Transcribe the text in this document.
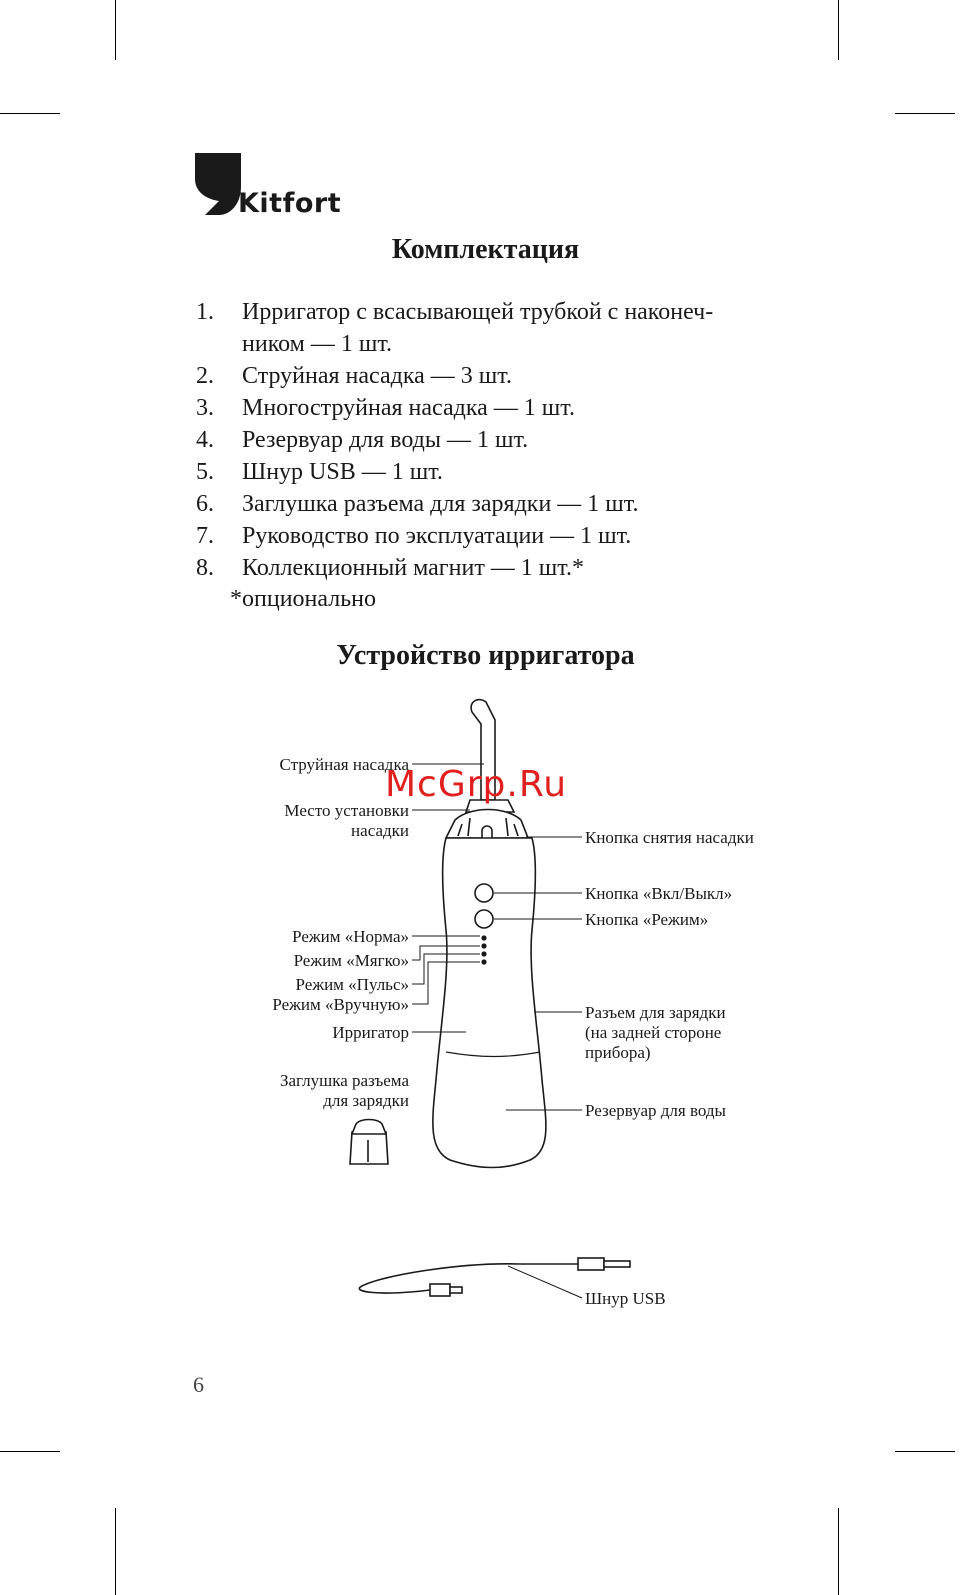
Kitfort
Комплектация
1. Ирригатор с всасывающей трубкой с наконеч-
ником — 1 шт.
2. Струйная насадка — 3 шт.
3. Многоструйная насадка — 1 шт.
4. Резервуар для воды — 1 шт.
5. Шнур USB — 1 шт.
6. Заглушка разъема для зарядки — 1 шт.
7. Руководство по эксплуатации — 1 шт.
8. Коллекционный магнит — 1 шт.*
*опционально
Устройство ирригатора
Струйная насадка
Место установки
насадки
Режим «Норма»
Режим «Мягко»
Режим «Пульс»
Режим «Вручную»
Ирригатор
Заглушка разъема
для зарядки
Кнопка снятия насадки
Кнопка «Вкл/Выкл»
Кнопка «Режим»
Разъем для зарядки
(на задней стороне
прибора)
Резервуар для воды
Шнур USB
McGrp.Ru
6
